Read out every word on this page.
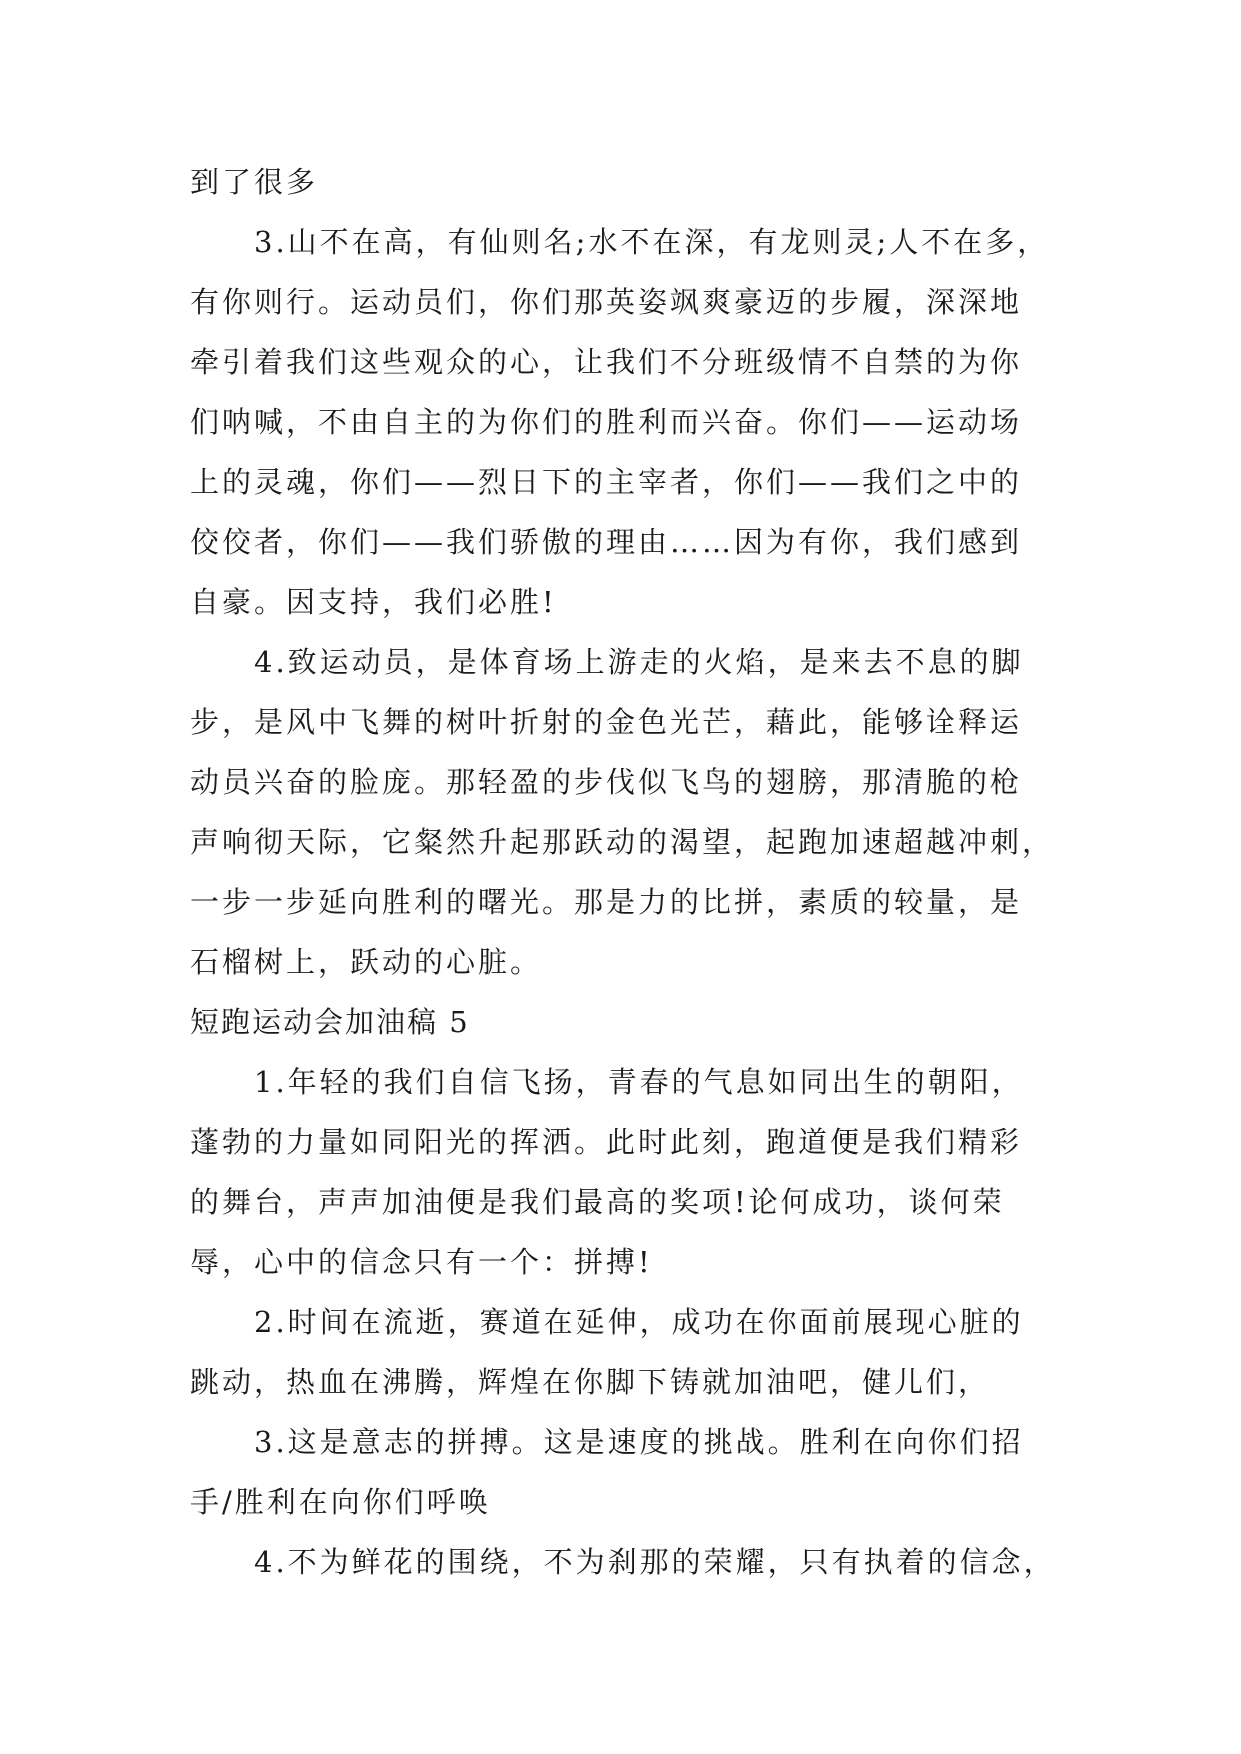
到了很多
3.山不在高，有仙则名;水不在深，有龙则灵;人不在多，
有你则行。运动员们，你们那英姿飒爽豪迈的步履，深深地
牵引着我们这些观众的心，让我们不分班级情不自禁的为你
们呐喊，不由自主的为你们的胜利而兴奋。你们——运动场
上的灵魂，你们——烈日下的主宰者，你们——我们之中的
佼佼者，你们——我们骄傲的理由……因为有你，我们感到
自豪。因支持，我们必胜!
4.致运动员，是体育场上游走的火焰，是来去不息的脚
步，是风中飞舞的树叶折射的金色光芒，藉此，能够诠释运
动员兴奋的脸庞。那轻盈的步伐似飞鸟的翅膀，那清脆的枪
声响彻天际，它粲然升起那跃动的渴望，起跑加速超越冲刺，
一步一步延向胜利的曙光。那是力的比拼，素质的较量，是
石榴树上，跃动的心脏。
短跑运动会加油稿 5
1.年轻的我们自信飞扬，青春的气息如同出生的朝阳，
蓬勃的力量如同阳光的挥洒。此时此刻，跑道便是我们精彩
的舞台，声声加油便是我们最高的奖项!论何成功，谈何荣
辱，心中的信念只有一个：拼搏!
2.时间在流逝，赛道在延伸，成功在你面前展现心脏的
跳动，热血在沸腾，辉煌在你脚下铸就加油吧，健儿们，
3.这是意志的拼搏。这是速度的挑战。胜利在向你们招
手/胜利在向你们呼唤
4.不为鲜花的围绕，不为刹那的荣耀，只有执着的信念，
